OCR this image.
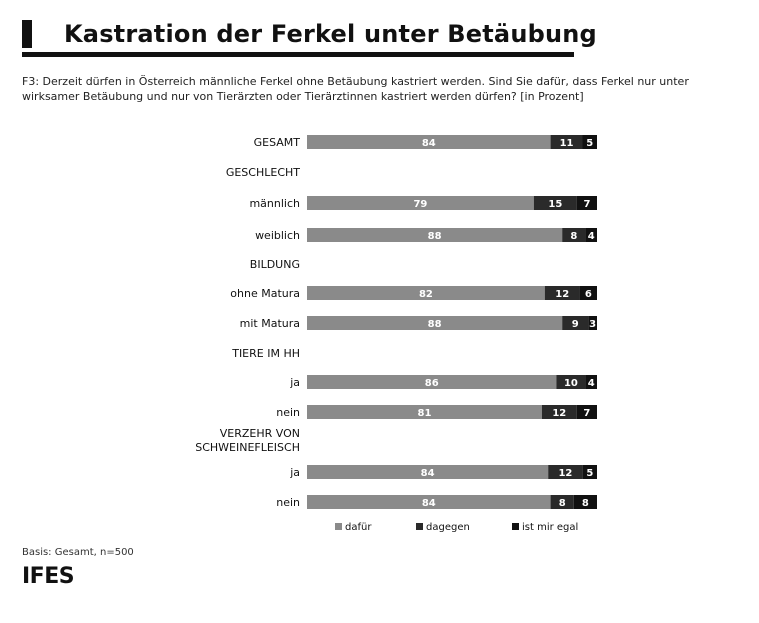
Kastration der Ferkel unter Betäubung
F3: Derzeit dürfen in Österreich männliche Ferkel ohne Betäubung kastriert werden. Sind Sie dafür, dass Ferkel nur unter wirksamer Betäubung und nur von Tierärzten oder Tierärztinnen kastriert werden dürfen? [in Prozent]
GESAMT	84	11 5
GESCHLECHT
männlich	79	15 7
weiblich	88	8 4
BILDUNG
ohne Matura	82	12 6
mit Matura	88	9 3
TIERE IM HH
ja	86	10 4
nein	81	12 7
VERZEHR VON
SCHWEINEFLEISCH
ja	84	12 5
nein	84	8 8
dafür	dagegen	ist mir egal
Basis: Gesamt, n=500
IFES
